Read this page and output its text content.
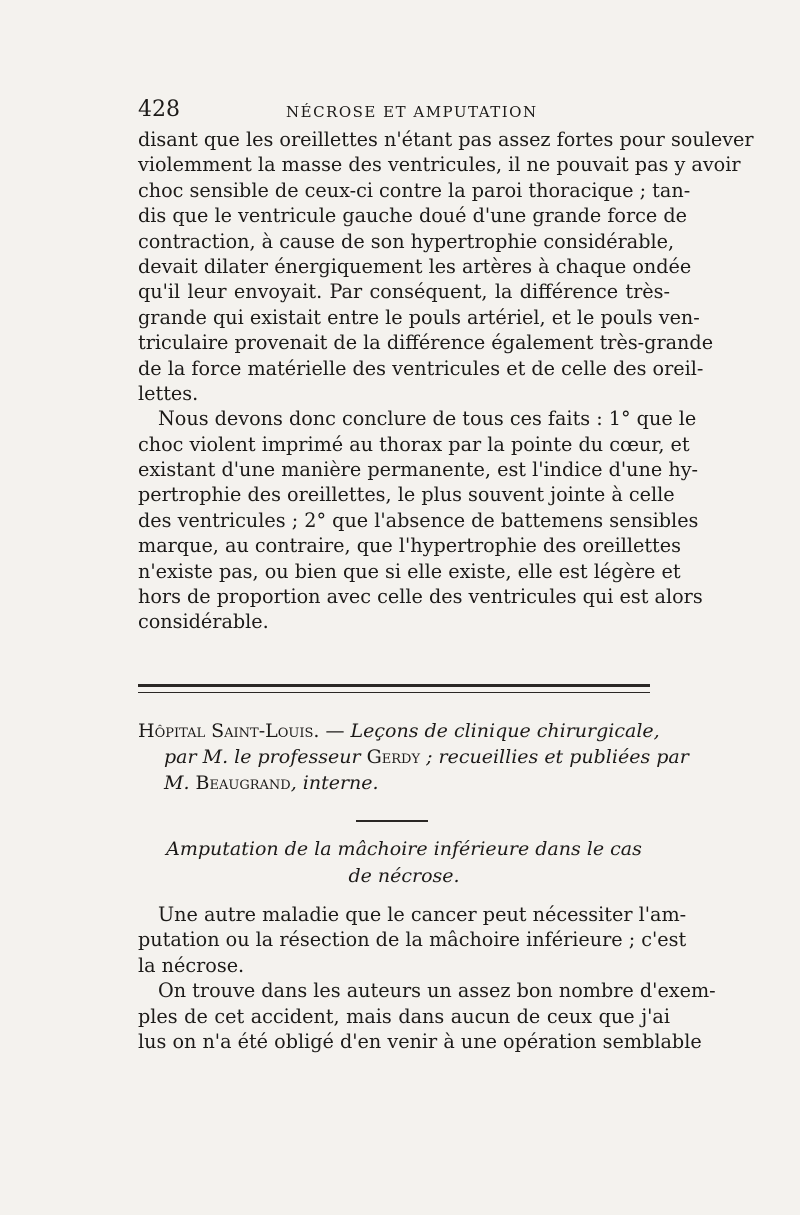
428	NÉCROSE ET AMPUTATION
disant que les oreillettes n'étant pas assez fortes pour soulever
violemment la masse des ventricules, il ne pouvait pas y avoir
choc sensible de ceux-ci contre la paroi thoracique ; tan-
dis que le ventricule gauche doué d'une grande force de
contraction, à cause de son hypertrophie considérable,
devait dilater énergiquement les artères à chaque ondée
qu'il leur envoyait. Par conséquent, la différence très-
grande qui existait entre le pouls artériel, et le pouls ven-
triculaire provenait de la différence également très-grande
de la force matérielle des ventricules et de celle des oreil-
lettes.
Nous devons donc conclure de tous ces faits : 1° que le
choc violent imprimé au thorax par la pointe du cœur, et
existant d'une manière permanente, est l'indice d'une hy-
pertrophie des oreillettes, le plus souvent jointe à celle
des ventricules ; 2° que l'absence de battemens sensibles
marque, au contraire, que l'hypertrophie des oreillettes
n'existe pas, ou bien que si elle existe, elle est légère et
hors de proportion avec celle des ventricules qui est alors
considérable.
Hôpital Saint-Louis. — Leçons de clinique chirurgicale,
par M. le professeur Gerdy ; recueillies et publiées par
M. Beaugrand, interne.
Amputation de la mâchoire inférieure dans le cas
de nécrose.
Une autre maladie que le cancer peut nécessiter l'am-
putation ou la résection de la mâchoire inférieure ; c'est
la nécrose.
On trouve dans les auteurs un assez bon nombre d'exem-
ples de cet accident, mais dans aucun de ceux que j'ai
lus on n'a été obligé d'en venir à une opération semblable
